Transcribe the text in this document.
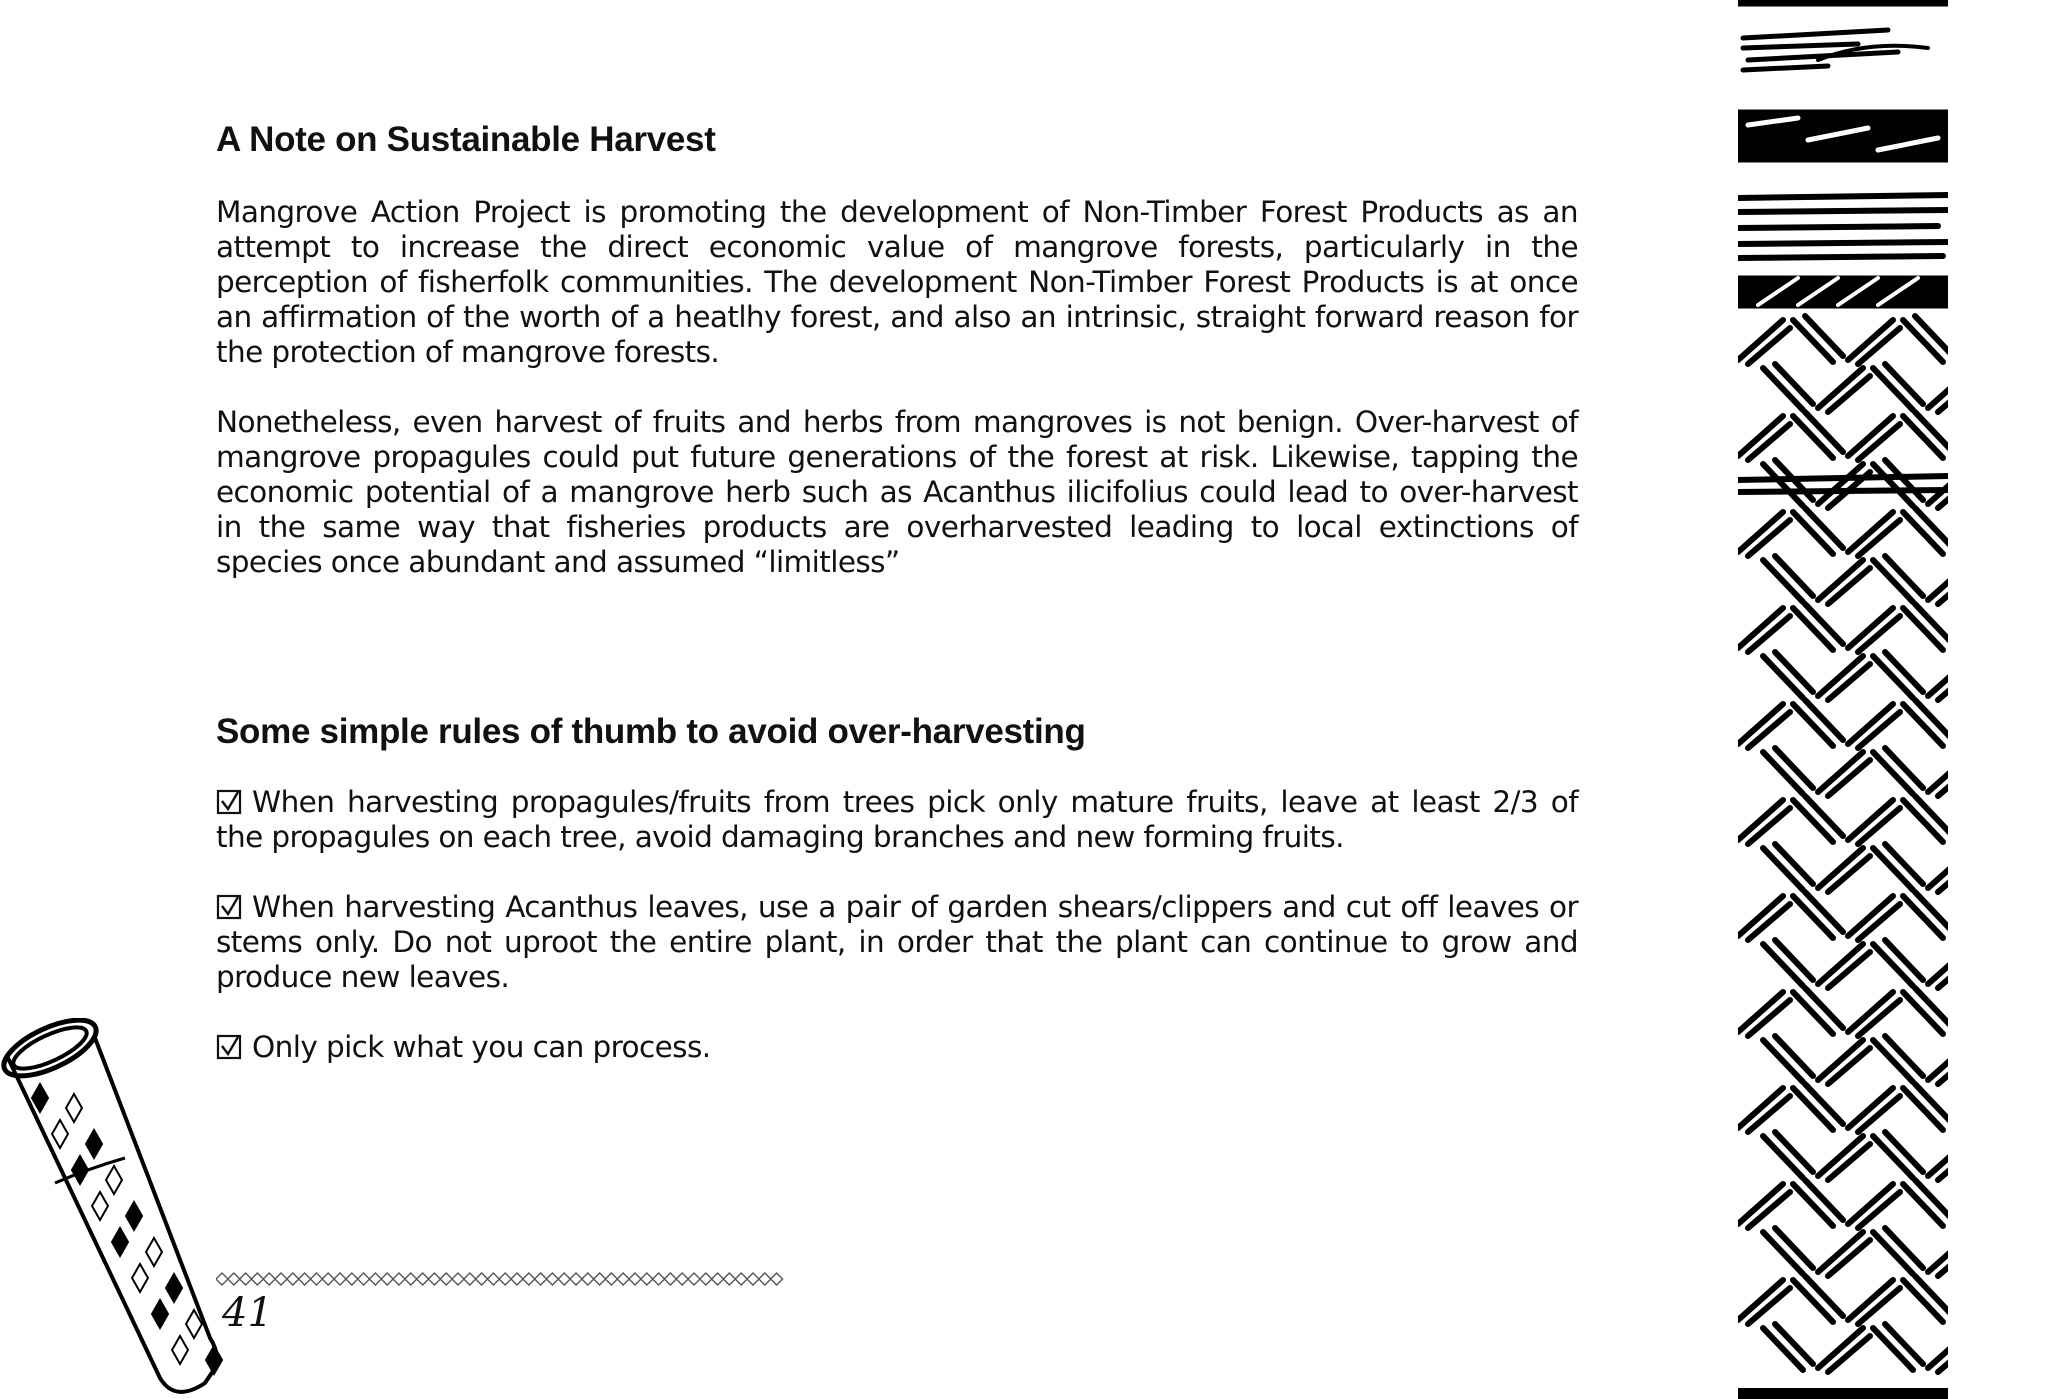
A Note on Sustainable Harvest

Mangrove Action Project is promoting the development of Non-Timber Forest Products as an attempt to increase the direct economic value of mangrove forests, particularly in the perception of fisherfolk communities. The development Non-Timber Forest Products is at once an affirmation of the worth of a heatlhy forest, and also an intrinsic, straight forward reason for the protection of mangrove forests.

Nonetheless, even harvest of fruits and herbs from mangroves is not benign. Over-harvest of mangrove propagules could put future generations of the forest at risk. Likewise, tapping the economic potential of a mangrove herb such as Acanthus ilicifolius could lead to over-harvest in the same way that fisheries products are overharvested leading to local extinctions of species once abundant and assumed “limitless”

Some simple rules of thumb to avoid over-harvesting

When harvesting propagules/fruits from trees pick only mature fruits, leave at least 2/3 of the propagules on each tree, avoid damaging branches and new forming fruits.

When harvesting Acanthus leaves, use a pair of garden shears/clippers and cut off leaves or stems only. Do not uproot the entire plant, in order that the plant can continue to grow and produce new leaves.

Only pick what you can process.

41
